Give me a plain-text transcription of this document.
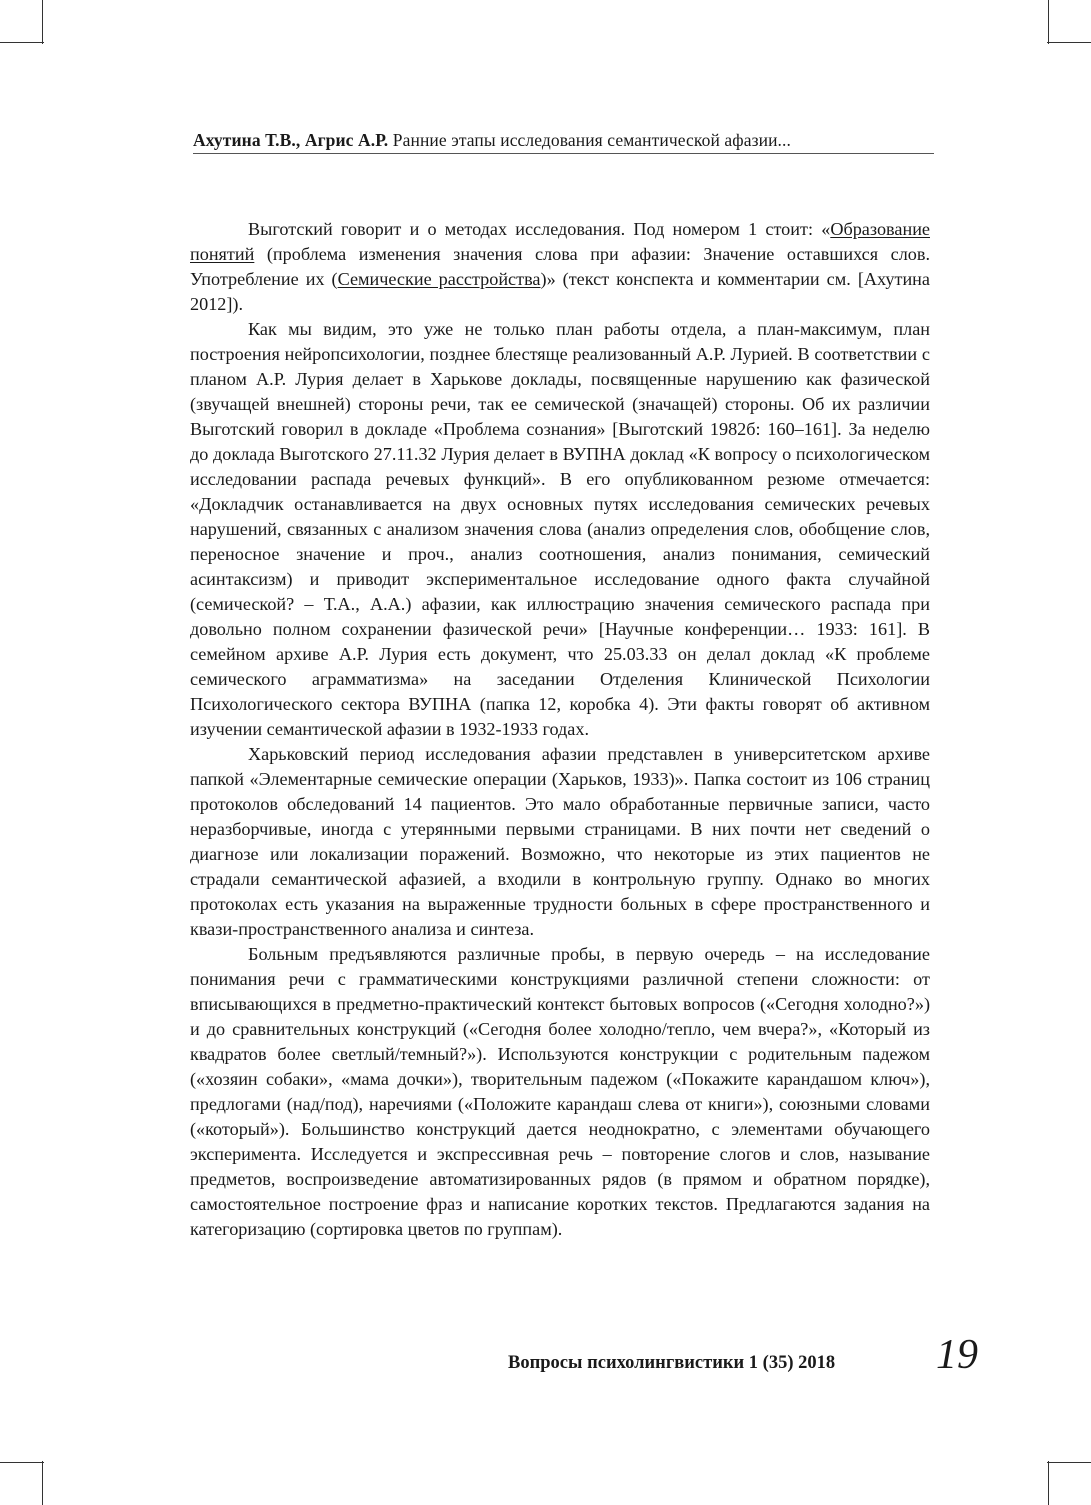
Ахутина Т.В., Агрис А.Р. Ранние этапы исследования семантической афазии...

Выготский говорит и о методах исследования. Под номером 1 стоит: «Образование понятий (проблема изменения значения слова при афазии: Значение оставшихся слов. Употребление их (Семические расстройства)» (текст конспекта и комментарии см. [Ахутина 2012]).

Как мы видим, это уже не только план работы отдела, а план-максимум, план построения нейропсихологии, позднее блестяще реализованный А.Р. Лурией. В соответствии с планом А.Р. Лурия делает в Харькове доклады, посвященные нарушению как фазической (звучащей внешней) стороны речи, так ее семической (значащей) стороны. Об их различии Выготский говорил в докладе «Проблема сознания» [Выготский 1982б: 160–161]. За неделю до доклада Выготского 27.11.32 Лурия делает в ВУПНА доклад «К вопросу о психологическом исследовании распада речевых функций». В его опубликованном резюме отмечается: «Докладчик останавливается на двух основных путях исследования семических речевых нарушений, связанных с анализом значения слова (анализ определения слов, обобщение слов, переносное значение и проч., анализ соотношения, анализ понимания, семический асинтаксизм) и приводит экспериментальное исследование одного факта случайной (семической? – Т.А., А.А.) афазии, как иллюстрацию значения семического распада при довольно полном сохранении фазической речи» [Научные конференции… 1933: 161]. В семейном архиве А.Р. Лурия есть документ, что 25.03.33 он делал доклад «К проблеме семического аграмматизма» на заседании Отделения Клинической Психологии Психологического сектора ВУПНА (папка 12, коробка 4). Эти факты говорят об активном изучении семантической афазии в 1932-1933 годах.

Харьковский период исследования афазии представлен в университетском архиве папкой «Элементарные семические операции (Харьков, 1933)». Папка состоит из 106 страниц протоколов обследований 14 пациентов. Это мало обработанные первичные записи, часто неразборчивые, иногда с утерянными первыми страницами. В них почти нет сведений о диагнозе или локализации поражений. Возможно, что некоторые из этих пациентов не страдали семантической афазией, а входили в контрольную группу. Однако во многих протоколах есть указания на выраженные трудности больных в сфере пространственного и квази-пространственного анализа и синтеза.

Больным предъявляются различные пробы, в первую очередь – на исследование понимания речи с грамматическими конструкциями различной степени сложности: от вписывающихся в предметно-практический контекст бытовых вопросов («Сегодня холодно?») и до сравнительных конструкций («Сегодня более холодно/тепло, чем вчера?», «Который из квадратов более светлый/темный?»). Используются конструкции с родительным падежом («хозяин собаки», «мама дочки»), творительным падежом («Покажите карандашом ключ»), предлогами (над/под), наречиями («Положите карандаш слева от книги»), союзными словами («который»). Большинство конструкций дается неоднократно, с элементами обучающего эксперимента. Исследуется и экспрессивная речь – повторение слогов и слов, называние предметов, воспроизведение автоматизированных рядов (в прямом и обратном порядке), самостоятельное построение фраз и написание коротких текстов. Предлагаются задания на категоризацию (сортировка цветов по группам).

Вопросы психолингвистики 1 (35) 2018 19
